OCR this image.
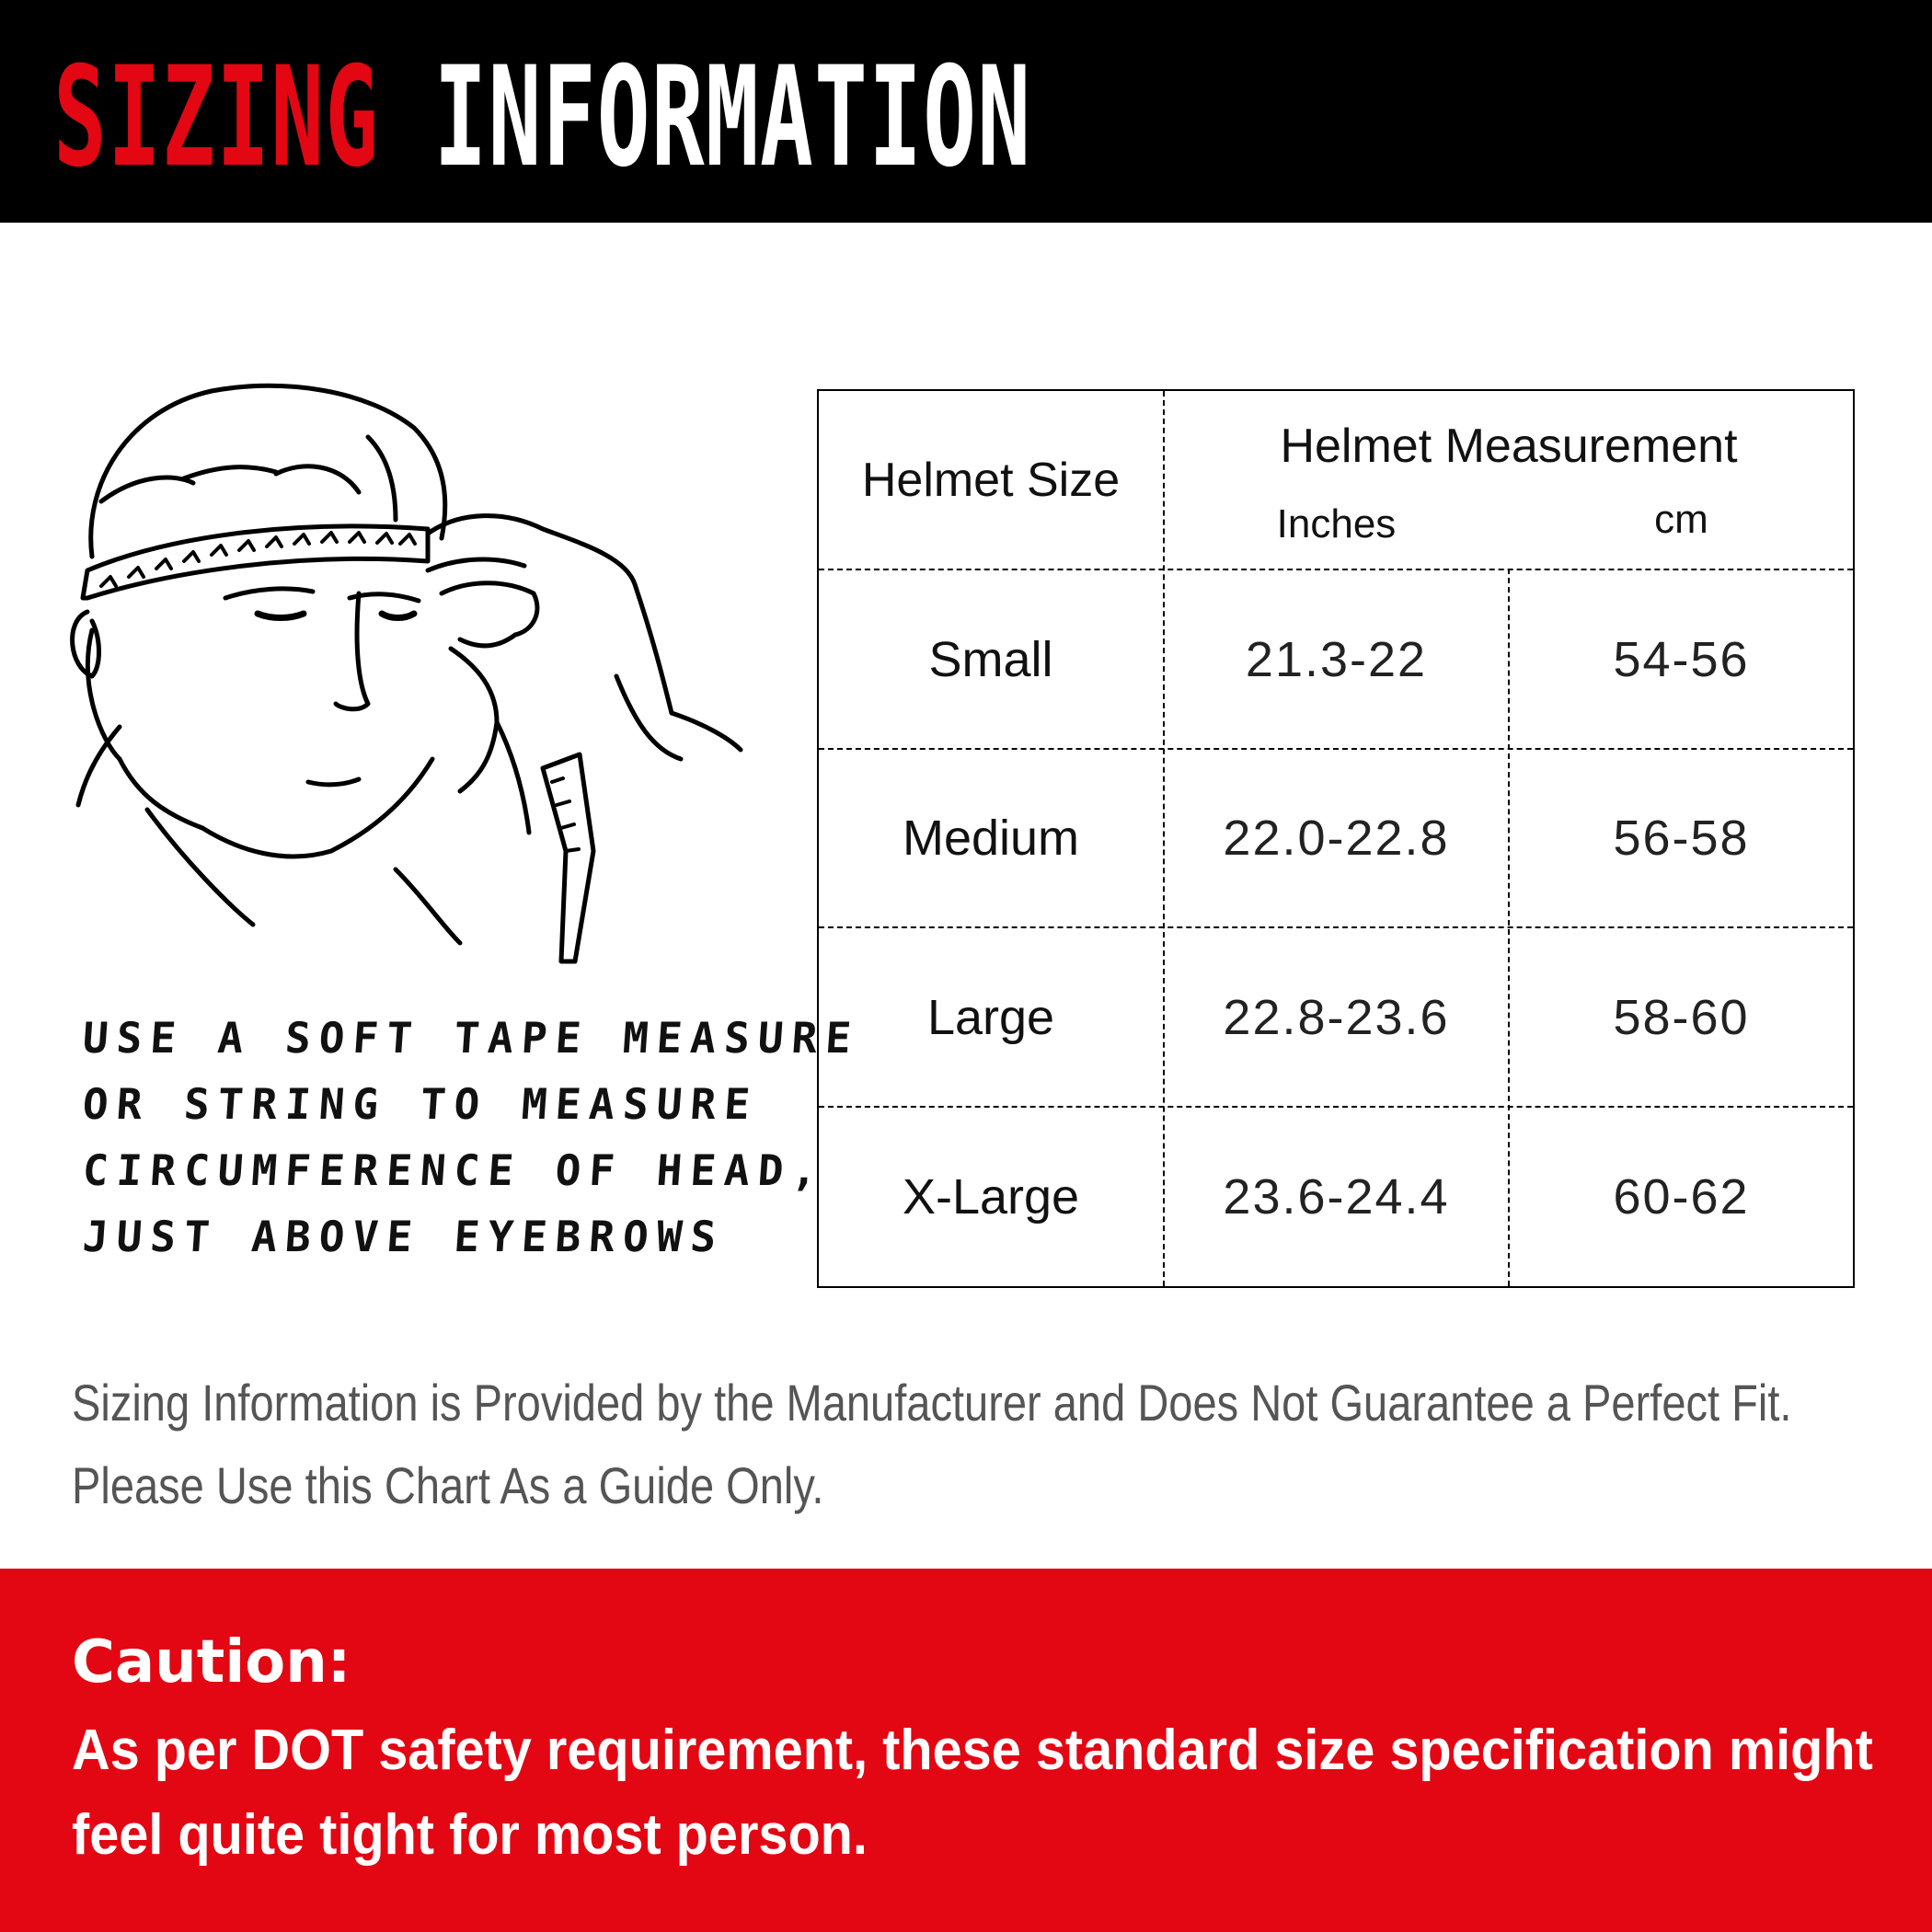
SIZING INFORMATION
USE A SOFT TAPE MEASURE
OR STRING TO MEASURE
CIRCUMFERENCE OF HEAD,
JUST ABOVE EYEBROWS
Helmet Size
Helmet Measurement
Inches	cm
Small	21.3-22	54-56
Medium	22.0-22.8	56-58
Large	22.8-23.6	58-60
X-Large	23.6-24.4	60-62
Sizing Information is Provided by the Manufacturer and Does Not Guarantee a Perfect Fit.
Please Use this Chart As a Guide Only.
Caution:
As per DOT safety requirement, these standard size specification might
feel quite tight for most person.
